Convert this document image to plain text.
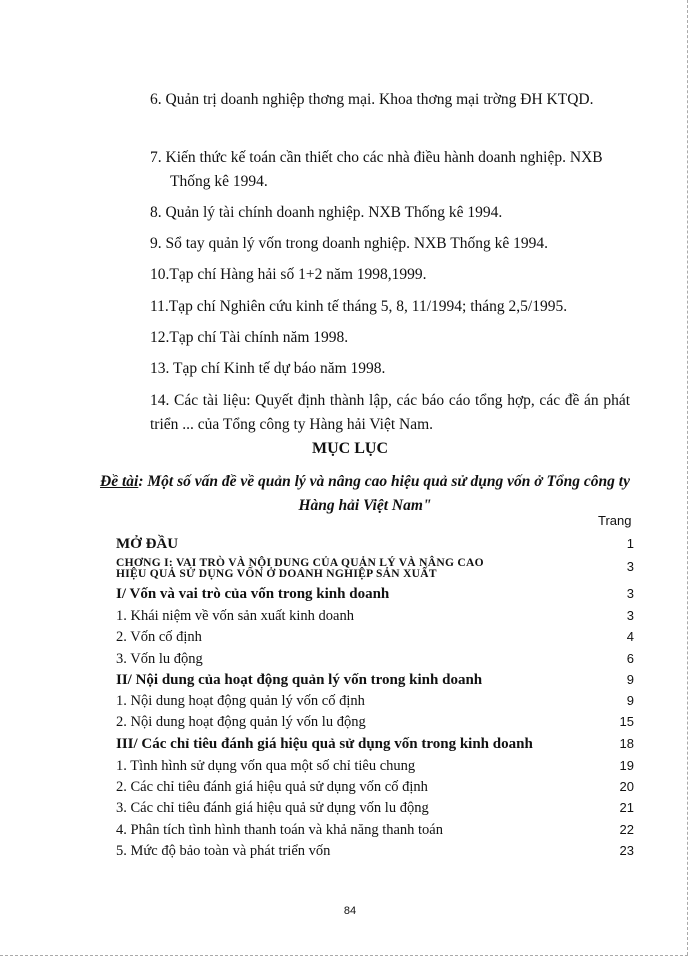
6. Quản trị doanh nghiệp thơng mại. Khoa thơng mại trờng ĐH KTQD.
7. Kiến thức kế toán cần thiết cho các nhà điều hành doanh nghiệp. NXB
Thống kê 1994.
8. Quản lý tài chính doanh nghiệp. NXB Thống kê 1994.
9. Sổ tay quản lý vốn trong doanh nghiệp. NXB Thống kê 1994.
10.Tạp chí Hàng hải số 1+2 năm 1998,1999.
11.Tạp chí Nghiên cứu kinh tế tháng 5, 8, 11/1994; tháng 2,5/1995.
12.Tạp chí Tài chính năm 1998.
13. Tạp chí Kinh tế dự báo năm 1998.
14. Các tài liệu: Quyết định thành lập, các báo cáo tổng hợp, các đề án phát triển ... của Tổng công ty Hàng hải Việt Nam.
MỤC LỤC
Đề tài: Một số vấn đề về quản lý và nâng cao hiệu quả sử dụng vốn ở Tổng công ty Hàng hải Việt Nam"
Trang
MỞ ĐẦU	1
CHƠNG I: VAI TRÒ VÀ NỘI DUNG CỦA QUẢN LÝ VÀ NÂNG CAO
HIỆU QUẢ SỬ DỤNG VỐN Ở DOANH NGHIỆP SẢN XUẤT	3
I/ Vốn và vai trò của vốn trong kinh doanh	3
1. Khái niệm về vốn sản xuất kinh doanh	3
2. Vốn cố định	4
3. Vốn lu động	6
II/ Nội dung của hoạt động quản lý vốn trong kinh doanh	9
1. Nội dung hoạt động quản lý vốn cố định	9
2. Nội dung hoạt động quản lý vốn lu động	15
III/ Các chỉ tiêu đánh giá hiệu quả sử dụng vốn trong kinh doanh	18
1. Tình hình sử dụng vốn qua một số chỉ tiêu chung	19
2. Các chỉ tiêu đánh giá hiệu quả sử dụng vốn cố định	20
3. Các chỉ tiêu đánh giá hiệu quả sử dụng vốn lu động	21
4. Phân tích tình hình thanh toán và khả năng thanh toán	22
5. Mức độ bảo toàn và phát triển vốn	23
84
